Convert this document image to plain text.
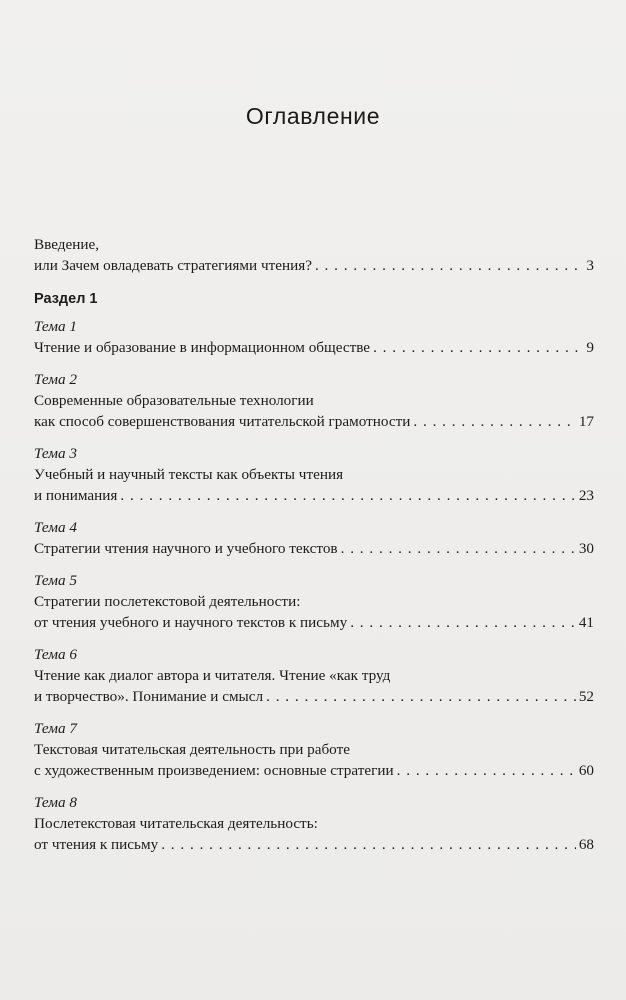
Оглавление
Введение,
или Зачем овладевать стратегиями чтения? . . .	3
Раздел 1
Тема 1
Чтение и образование в информационном обществе . . .	9
Тема 2
Современные образовательные технологии
как способ совершенствования читательской грамотности . . .	17
Тема 3
Учебный и научный тексты как объекты чтения
и понимания . . .	23
Тема 4
Стратегии чтения научного и учебного текстов . . .	30
Тема 5
Стратегии послетекстовой деятельности:
от чтения учебного и научного текстов к письму . . .	41
Тема 6
Чтение как диалог автора и читателя. Чтение «как труд
и творчество». Понимание и смысл . . .	52
Тема 7
Текстовая читательская деятельность при работе
с художественным произведением: основные стратегии . . .	60
Тема 8
Послетекстовая читательская деятельность:
от чтения к письму . . .	68
